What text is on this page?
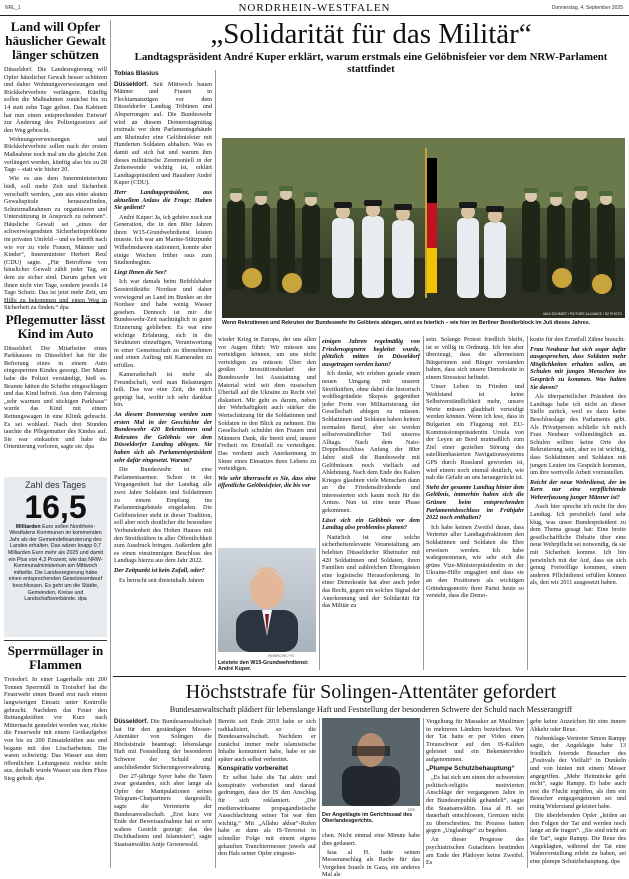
NRL_1	NORDRHEIN-WESTFALEN	Donnerstag, 4. September 2025
Land will Opfer häuslicher Gewalt länger schützen

Düsseldorf. Die Landesregierung will Opfer häuslicher Gewalt besser schützen und daher Wohnungsverweisungen und Rückkehrverbote verlängern. Künftig sollen die Maßnahmen zunächst bis zu 14 statt zehn Tage gelten. Das Kabinett hat nun einen entsprechenden Entwurf zur Änderung des Polizeigesetzes auf den Weg gebracht.

Wohnungsverweisungen und Rückkehrverbote sollen nach der ersten Maßnahme noch mal um die gleiche Zeit verlängert werden, künftig also bis zu 28 Tage – statt wie bisher 20.

Wie es aus dem Innenministerium hieß, soll mehr Zeit und Sicherheit verschafft werden, „um aus einer akuten Gewaltspirale herauszufinden, Schutzmaßnahmen zu organisieren und Unterstützung in Anspruch zu nehmen“. Häusliche Gewalt sei „eines der schwerwiegendsten Sicherheitsprobleme im privaten Umfeld – und es betrifft nach wie vor zu viele Frauen, Männer und Kinder“, Innenminister Herbert Reul (CDU) sagte. „Für Betroffene von häuslicher Gewalt zählt jeder Tag, an dem sie sicher sind. Darum geben wir ihnen nicht vier Tage, sondern jeweils 14 Tage Schutz. Das ist jetzt mehr Zeit, um Hilfe zu bekommen und einen Weg in Sicherheit zu finden.“ dpa

Pflegemutter lässt Kind im Auto

Düsseldorf. Der Mitarbeiter eines Parkhauses in Düsseldorf hat für die Befreiung eines in einem Auto eingesperrten Kindes gesorgt. Der Mann habe die Polizei verständigt, hieß es. Beamte hätten die Scheibe eingeschlagen und das Kind befreit. Aus dem Fahrzeug „sehr warmen und stickigen Parkhaus“ wurde das Kind mit einem Rettungswagen in eine Klinik gebracht. Es sei wohlauf. Nach drei Stunden tauchte die Pflegemutter des Kindes auf. Sie war einkaufen und habe die Orientierung verloren, sagte sie. dpa

Zahl des Tages
16,5
Milliarden Euro sollen Nordrhein-Westfalens Kommunen im kommenden Jahr als der Gemeindefinanzierung des Landes erhalten. Das wären knapp 0,7 Milliarden Euro mehr als 2025 und damit ein Plus von 4,3 Prozent, wie das NRW-Kommunalministerium am Mittwoch mitteilte. Die Landesregierung habe einen entsprechenden Gesetzesentwurf beschlossen. Es geht um die Städte, Gemeinden, Kreise und Landschaftsverbände. dpa
Sperrmüllager in Flammen

Troisdorf. In einer Lagerhalle mit 200 Tonnen Sperrmüll in Troisdorf hat die Feuerwehr einen Brand erst nach einem langwierigen Einsatz unter Kontrolle gebracht. Nachdem das Feuer den Rettungskräften vor Kurz nach Mitternacht gemeldet worden war, rückte die Feuerwehr mit einem Großaufgebot von bis zu 200 Einsatzkräften aus und begann mit den Löscharbeiten. Die waren schwierig: Das Wasser aus dem öffentlichen Leitungsnetz reichte nicht aus, deshalb wurde Wasser aus dem Fluss Sieg geholt. dpa

„Solidarität für das Militär“
Landtagspräsident André Kuper erklärt, warum erstmals eine Gelöbnisfeier vor dem NRW-Parlament stattfindet
Tobias Blasius

Düsseldorf. Seit Mittwoch bauen Männer und Frauen in Flecktarnanzügen vor dem Düsseldorfer Landtag Tribünen und Absperrungen auf. Die Bundeswehr wird an diesem Donnerstagmittag erstmals vor dem Parlamentsgebäude am Rheinufer eine Gelöbnisfeier mit Hunderten Soldaten abhalten. Was es damit auf sich hat und warum ihm dieses militärische Zeremoniell in der Zeitenwende wichtig ist, erklärt Landtagspräsident und Hausherr André Kuper (CDU).

Herr Landtagspräsident, aus aktuellem Anlass die Frage: Haben Sie gedient?

André Kuper: Ja, ich gehöre noch zur Generation, die in den 80er Jahren ihren W15-Grundwehrdienst leisten musste. Ich war am Marine-Stützpunkt Wilhelmshaven stationiert, konnte aber einige Wochen früher raus zum Studienbeginn.

Liegt Ihnen die See?

Ich war damals beim Befehlshaber Seestreitkräfte Nordsee und daher vorwiegend an Land im Bunker an der Nordsee und habe wenig Wasser gesehen. Dennoch ist mir die Bundeswehr-Zeit nachträglich in guter Erinnerung geblieben. Es war eine wichtige Erfahrung, sich in die Strukturen einzufügen, Verantwortung in einer Gemeinschaft zu übernehmen und einen Auftrag mit Kameraden zu erfüllen.

Kameradschaft ist mehr als Freundschaft, weil man Belastungen teilt. Das war eine Zeit, die mich geprägt hat, wofür ich sehr dankbar bin.

An diesem Donnerstag werden zum ersten Mal in der Geschichte der Bundeswehr 420 Rekrutinnen und Rekruten ihr Gelöbnis vor dem Düsseldorfer Landtag ablegen. Sie haben sich als Parlamentspräsident sehr dafür eingesetzt. Warum?

Die Bundeswehr ist eine Parlamentsarmee. Schon in der Vergangenheit hat der Landtag alle zwei Jahre Soldaten und Soldatinnen zu einem Empfang ins Parlamentsgebäude eingeladen. Die Gelöbnisfeier steht in dieser Tradition, soll aber noch deutlicher die besondere Verbundenheit des Hohen Hauses mit den Streitkräften in aller Öffentlichkeit zum Ausdruck bringen. Außerdem gibt es einen einstimmigen Beschluss des Landtags hierzu aus dem Jahr 2022.

Der Zeitpunkt ist kein Zufall, oder?

Es herrscht seit dreieinhalb Jahren

MAX SCHMIDT / PICTURE ALLIANCE / SZ PHOTO
Wenn Rekrutinnen und Rekruten der Bundeswehr ihr Gelöbnis ablegen, wird es feierlich – wie hier im Berliner Bendlerblock im Juli dieses Jahres.

wieder Krieg in Europa, der uns allen vor Augen führt: Wir müssen uns verteidigen können, um uns nicht verteidigen zu müssen. Über den großen Investitionsbedarf der Bundeswehr bei Ausstattung und Material wird seit dem russischen Überfall auf die Ukraine zu Recht viel diskutiert. Mir geht es darum, neben der Wehrhaftigkeit auch stärker die Wertschätzung für die Soldatinnen und Soldaten in den Blick zu nehmen. Die Gesellschaft schuldet den Frauen und Männern Dank, die bereit sind, unsere Freiheit im Ernstfall zu verteidigen. Das verdient auch Anerkennung in Sinne eines Einsatzes ihres Lebens zu verteidigen.

Wie sehr überrascht es Sie, dass eine öffentliche Gelöbnisfeier, die bis vor

HEINRICHS / FS
Leistete den W15-Grundwehrdienst: André Kuper.

einigen Jahren regelmäßig von Friedensgegnern begleitet wurde, plötzlich mitten in Düsseldorf ausgetragen werden kann?

Ich denke, wir erleben gerade einen neuen Umgang mit unserer Streitkräften, ohne dabei die historisch wohlbegründete Skepsis gegenüber jeder Form von Militarisierung der Gesellschaft ablegen zu müssen. Soldatinnen und Soldaten haben keinen normalen Beruf, aber sie werden selbstverständlicher Teil unseres Alltags. Nach dem Nato-Doppelbeschluss Anfang der 80er Jahre stieß die Bundeswehr mit Gelöbnissen noch vielfach auf Ablehnung. Nach dem Ende des Kalten Krieges glaubten viele Menschen dann an die Friedensdividende und interessierten sich kaum noch für die Armee. Nun ist eine neue Phase gekommen.

Lässt sich ein Gelöbnis vor dem Landtag also problemlos planen?

Natürlich ist eine solche sicherheitsrelevante Veranstaltung am belebten Düsseldorfer Rheinufer mit 420 Soldatinnen und Soldaten, ihren Familien und zahlreichen Ehrengästen eine logistische Herausforderung. In einer Demokratie hat aber auch jeder das Recht, gegen ein solches Signal der Anerkennung und der Solidarität für das Militär zu

sein. Solange Protest friedlich bleibt, ist er völlig in Ordnung. Ich bin aber überzeugt, dass die allermeisten Bürgerinnen und Bürger verstanden haben, dass sich unsere Demokratie in einem Stresstest befindet.

Unser Leben in Frieden und Wohlstand ist keine Selbstverständlichkeit mehr, unsere Werte müssen glaubhaft verteidigt werden können. Wenn ich lese, dass in Bulgarien ein Flugzeug mit EU-Kommissionspräsidentin Ursula von der Leyen an Bord mutmaßlich zum Ziel einer gezielten Störung des satellitenbasierten Navigationssystems GPS durch Russland geworden ist, wird einem noch einmal deutlich, wie nah die Gefahr an uns herangerückt ist.

Steht der gesamte Landtag hinter dem Gelöbnis, immerhin haben sich die Grünen beim entsprechenden Parlamentsbeschluss im Frühjahr 2022 noch enthalten?

Ich habe keinen Zweifel daran, dass Vertreter aller Landtagsfraktionen den Soldatinnen und Soldaten die Ehre erweisen werden. Ich habe wahrgenommen, wie sehr sich die grüne Vize-Ministerpräsidentin in der Ukraine-Hilfe engagiert und dass sie an den Positionen als wichtigen Gründungsmotiv ihrer Partei heute so versteht, dass die Demo-

kratie für den Ernstfall Zähne braucht.

Frau Neubaur hat sich sogar dafür ausgesprochen, dass Soldaten mehr Möglichkeiten erhalten sollen, an Schulen mit jungen Menschen ins Gespräch zu kommen. Was halten Sie davon?

Als überparteilicher Präsident des Landtags habe ich nicht an dieser Stelle zurück, weil es dazu keine Beschlusslage des Parlaments gibt. Als Privatperson schließe ich mich Frau Neubaur vollumfänglich an. Schulen sollten keine Orte der Rekrutierung sein, aber es ist wichtig, dass Soldatinnen und Soldaten mit jungen Leuten ins Gespräch kommen, um ihre wertvolle Arbeit vorzustellen.

Reicht der neue Wehrdienst, der im Kern nur eine verpflichtende Wehrerfassung junger Männer ist?

Auch hier spreche ich nicht für den Landtag. Ich persönlich fand sehr klug, was unser Bundespräsident zu dem Thema gesagt hat: Eine breite gesellschaftliche Debatte über eine neue Wehrpflicht sei notwendig, da sie mit Sicherheit komme. Ich bin persönlich mit der Auf, dass sie sich genug Freiwillige kommen, einen anderen Pflichtdienst erfüllen können als, den wir 2011 ausgesetzt haben.

Höchststrafe für Solingen-Attentäter gefordert
Bundesanwaltschaft plädiert für lebenslange Haft und Feststellung der besonderen Schwere der Schuld nach Messerangriff

Düsseldorf. Die Bundesanwaltschaft hat für den geständigen Messer-Attentäter von Solingen die Höchststrafe beantragt: lebenslange Haft mit Feststellung der besonderen Schwere der Schuld und anschließender Sicherungsverwahrung.

Der 27-jährige Syrer habe die Taten zwar gestanden, sich aber lange als Opfer der Manipulationen seines Telegram-Chatpartners dargestellt, sagte die Vertreterin der Bundesanwaltschaft. „Erst kurz vor Ende der Beweisaufnahme hat er sein wahres Gesicht gezeigt: das des Dschihadisten und Islamisten“, sagte Staatsanwältin Antje Groenewald.

Bereits seit Ende 2019 habe er sich radikalisiert, so die Bundesanwaltschaft. Nachdem er zunächst immer mehr islamistische Inhalte konsumiert habe, habe er sie später auch selbst verbreitet.

Konspirativ vorbereitet

Er selbst habe die Tat aktiv und konspirativ vorbereitet und darauf gedrungen, dass der IS den Anschlag für sich reklamiert. „Die medienwirksame propagandistische Ausschlachtung seiner Tat war ihm wichtig.“ Mit „Allahu akbar“-Rufen habe er dann als IS-Terrorist in schneller Folge mit einem eigens gekauften Tranchiermesser juwels auf den Hals seiner Opfer eingesto-

DPA
Der Angeklagte im Gerichtssaal des Oberlandesgerichts.

chen. Nicht einmal eine Minute habe dies gedauert.

Issa al H. hatte seinen Messeranschlag als Rache für das Vorgehen Israels in Gaza, ein anderes Mal als

Vergeltung für Massaker an Muslimen in mehreren Ländern bezeichnet. Vor der Tat hatte er per Video einen Treueschwur auf den IS-Kalifen geleistet und ein Bekennervideo aufgenommen.

„Plumpe Schutzbehauptung“

„Es hat sich um einen der schwersten politisch-religiös motivierten Anschläge der vergangenen Jahre in der Bundesrepublik gehandelt“, sagte die Staatsanwältin. Issa al H. sei dauerhaft entschlossen, Grenzen nicht zu überschreiten. Im Prozess hatten gegen „Unglaubige“ zu begehen.

An dieser Prognose des psychiatrischen Gutachters bestünden am Ende der Plädoyer keine Zweifel. Es

gebe keine Anzeichen für eine innere Abkehr oder Reue.

Nebenklage-Vertreter Simon Rampp sagte, der Angeklagte habe 13 friedlich feiernde Besucher des „Festivals der Vielfalt“ in Dunkeln und von hinten mit einem Messer angegriffen. „Mehr Heimtücke geht nicht“, sagte Rampp. Er habe auch erst die Flucht ergriffen, als ihm ein Besucher entgegengetreten sei und mutig Widerstand geleistet habe.

Die überlebenden Opfer „leiden an den Folgen der Tat und werden noch lange an ihr tragen“. „Sie sind nicht an die Tat“, sagte Rampp. Die Reue des Angeklagten, während der Tat eine Wahnvorstellung erlebt zu haben, sei eine plumpe Schutzbehauptung. dpa
